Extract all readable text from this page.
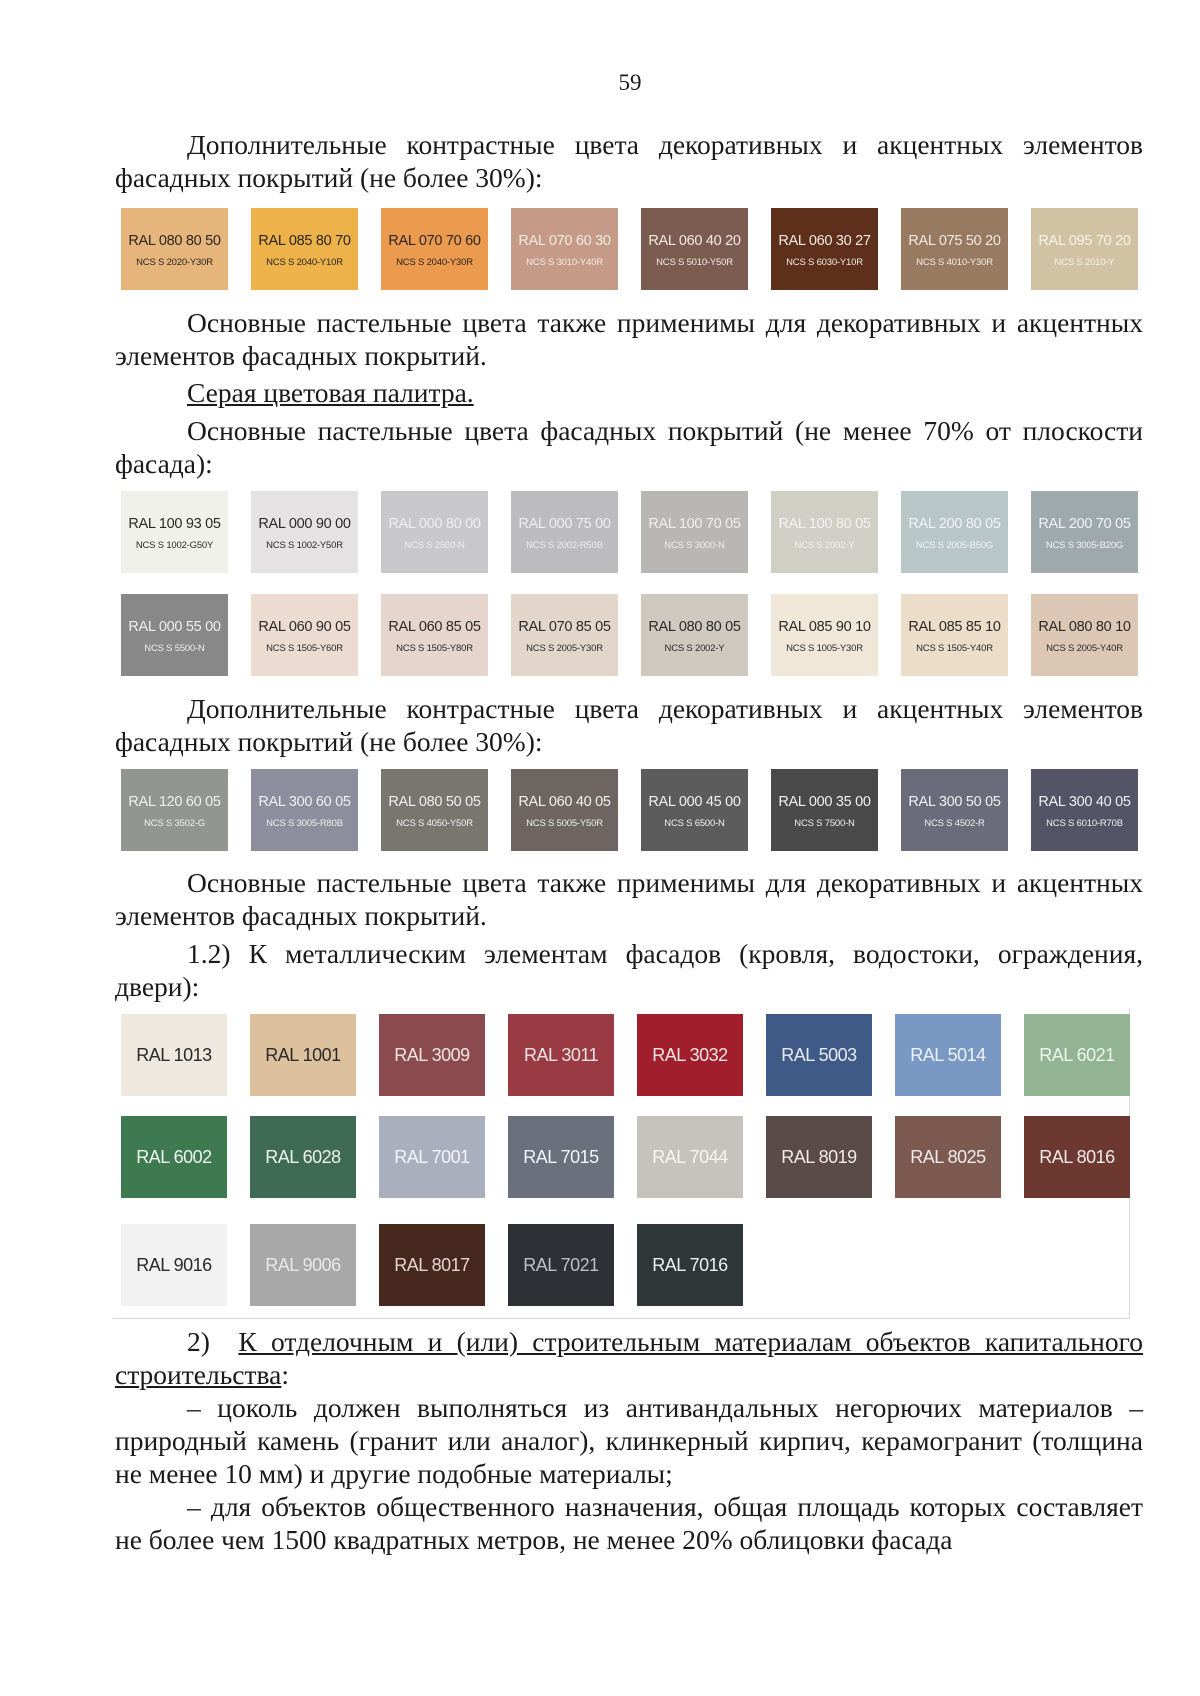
59

Дополнительные контрастные цвета декоративных и акцентных элементов фасадных покрытий (не более 30%):

RAL 080 80 50
NCS S 2020-Y30R
RAL 085 80 70
NCS S 2040-Y10R
RAL 070 70 60
NCS S 2040-Y30R
RAL 070 60 30
NCS S 3010-Y40R
RAL 060 40 20
NCS S 5010-Y50R
RAL 060 30 27
NCS S 6030-Y10R
RAL 075 50 20
NCS S 4010-Y30R
RAL 095 70 20
NCS S 2010-Y

Основные пастельные цвета также применимы для декоративных и акцентных элементов фасадных покрытий.

Серая цветовая палитра.

Основные пастельные цвета фасадных покрытий (не менее 70% от плоскости фасада):

RAL 100 93 05
NCS S 1002-G50Y
RAL 000 90 00
NCS S 1002-Y50R
RAL 000 80 00
NCS S 2500-N
RAL 000 75 00
NCS S 2002-R50B
RAL 100 70 05
NCS S 3000-N
RAL 100 80 05
NCS S 2002-Y
RAL 200 80 05
NCS S 2005-B50G
RAL 200 70 05
NCS S 3005-B20G
RAL 000 55 00
NCS S 5500-N
RAL 060 90 05
NCS S 1505-Y60R
RAL 060 85 05
NCS S 1505-Y80R
RAL 070 85 05
NCS S 2005-Y30R
RAL 080 80 05
NCS S 2002-Y
RAL 085 90 10
NCS S 1005-Y30R
RAL 085 85 10
NCS S 1505-Y40R
RAL 080 80 10
NCS S 2005-Y40R

Дополнительные контрастные цвета декоративных и акцентных элементов фасадных покрытий (не более 30%):

RAL 120 60 05
NCS S 3502-G
RAL 300 60 05
NCS S 3005-R80B
RAL 080 50 05
NCS S 4050-Y50R
RAL 060 40 05
NCS S 5005-Y50R
RAL 000 45 00
NCS S 6500-N
RAL 000 35 00
NCS S 7500-N
RAL 300 50 05
NCS S 4502-R
RAL 300 40 05
NCS S 6010-R70B

Основные пастельные цвета также применимы для декоративных и акцентных элементов фасадных покрытий.

1.2) К металлическим элементам фасадов (кровля, водостоки, ограждения, двери):

RAL 1013	RAL 1001	RAL 3009	RAL 3011	RAL 3032	RAL 5003	RAL 5014	RAL 6021
RAL 6002	RAL 6028	RAL 7001	RAL 7015	RAL 7044	RAL 8019	RAL 8025	RAL 8016
RAL 9016	RAL 9006	RAL 8017	RAL 7021	RAL 7016

2) К отделочным и (или) строительным материалам объектов капитального строительства:

– цоколь должен выполняться из антивандальных негорючих материалов – природный камень (гранит или аналог), клинкерный кирпич, керамогранит (толщина не менее 10 мм) и другие подобные материалы;

– для объектов общественного назначения, общая площадь которых составляет не более чем 1500 квадратных метров, не менее 20% облицовки фасада
